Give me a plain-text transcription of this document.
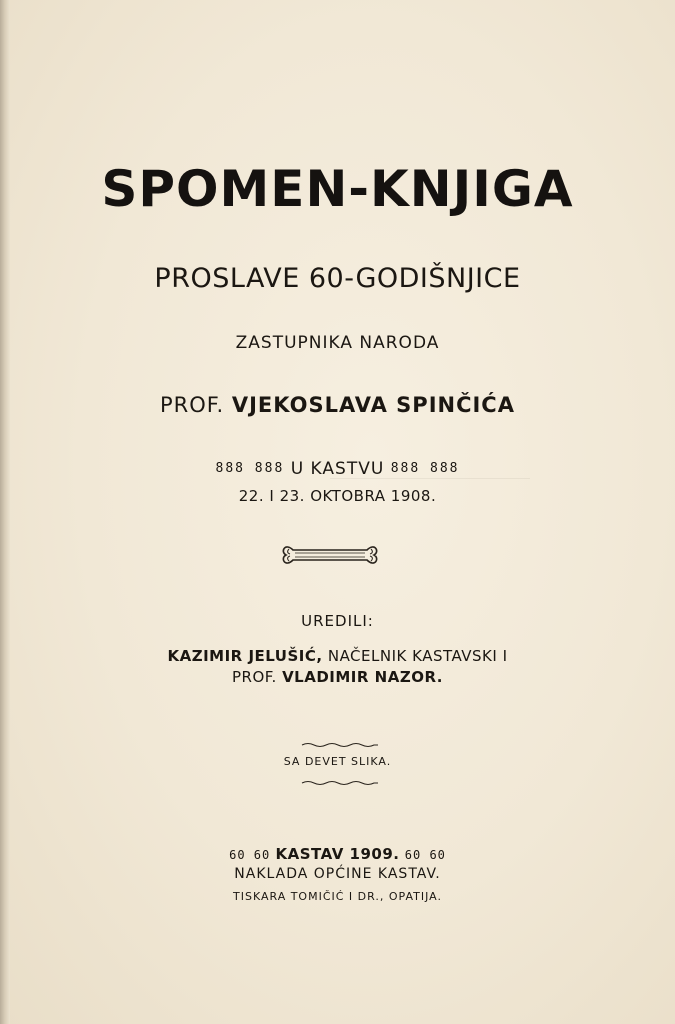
SPOMEN-KNJIGA
PROSLAVE 60-GODIŠNJICE
ZASTUPNIKA NARODA
PROF. VJEKOSLAVA SPINČIĆA
888 888 U KASTVU 888 888
22. I 23. OKTOBRA 1908.
UREDILI:
KAZIMIR JELUŠIĆ, NAČELNIK KASTAVSKI I
PROF. VLADIMIR NAZOR.
SA DEVET SLIKA.
60 60 KASTAV 1909. 60 60
NAKLADA OPĆINE KASTAV.
TISKARA TOMIČIĆ I DR., OPATIJA.
